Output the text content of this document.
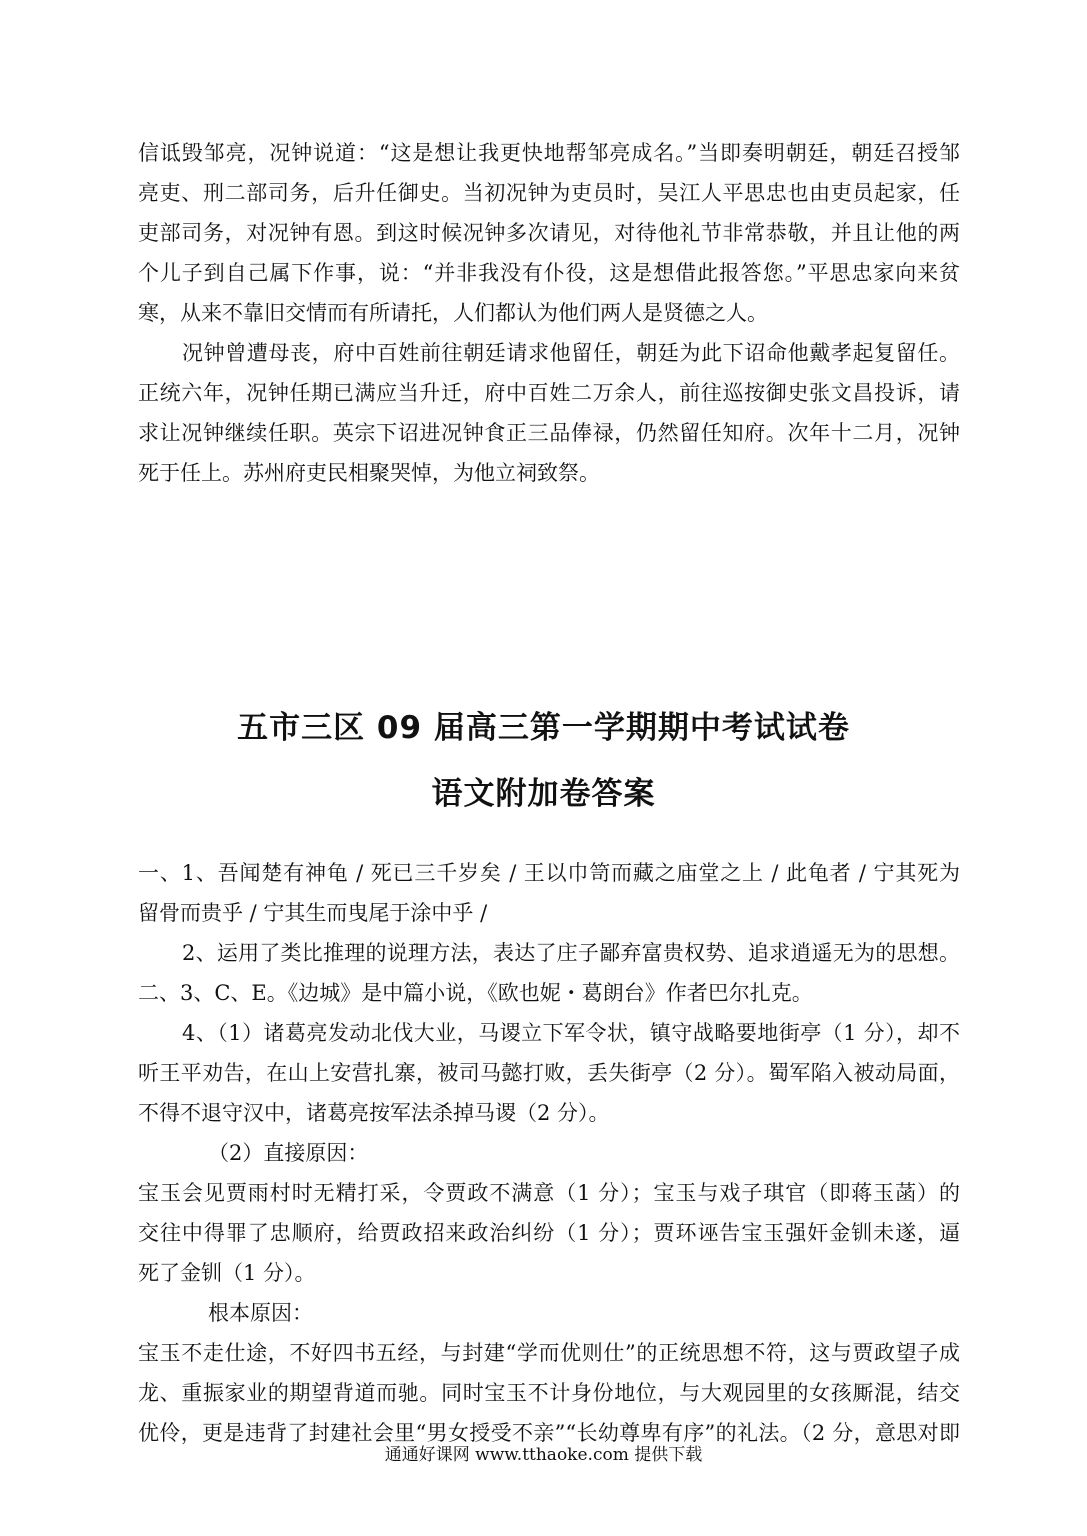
信诋毁邹亮，况钟说道：“这是想让我更快地帮邹亮成名。”当即奏明朝廷，朝廷召授邹
亮吏、刑二部司务，后升任御史。当初况钟为吏员时，吴江人平思忠也由吏员起家，任
吏部司务，对况钟有恩。到这时候况钟多次请见，对待他礼节非常恭敬，并且让他的两
个儿子到自己属下作事，说：“并非我没有仆役，这是想借此报答您。”平思忠家向来贫
寒，从来不靠旧交情而有所请托，人们都认为他们两人是贤德之人。
况钟曾遭母丧，府中百姓前往朝廷请求他留任，朝廷为此下诏命他戴孝起复留任。
正统六年，况钟任期已满应当升迁，府中百姓二万余人，前往巡按御史张文昌投诉，请
求让况钟继续任职。英宗下诏进况钟食正三品俸禄，仍然留任知府。次年十二月，况钟
死于任上。苏州府吏民相聚哭悼，为他立祠致祭。
五市三区 09 届高三第一学期期中考试试卷
语文附加卷答案
一、1、吾闻楚有神龟 / 死已三千岁矣 / 王以巾笥而藏之庙堂之上 / 此龟者 / 宁其死为
留骨而贵乎 / 宁其生而曳尾于涂中乎 /
2、运用了类比推理的说理方法，表达了庄子鄙弃富贵权势、追求逍遥无为的思想。
二、3、C、E。《边城》是中篇小说，《欧也妮・葛朗台》作者巴尔扎克。
4、（1）诸葛亮发动北伐大业，马谡立下军令状，镇守战略要地街亭（1 分），却不
听王平劝告，在山上安营扎寨，被司马懿打败，丢失街亭（2 分）。蜀军陷入被动局面，
不得不退守汉中，诸葛亮按军法杀掉马谡（2 分）。
（2）直接原因：
宝玉会见贾雨村时无精打采，令贾政不满意（1 分）；宝玉与戏子琪官（即蒋玉菡）的
交往中得罪了忠顺府，给贾政招来政治纠纷（1 分）；贾环诬告宝玉强奸金钏未遂，逼
死了金钏（1 分）。
根本原因：
宝玉不走仕途，不好四书五经，与封建“学而优则仕”的正统思想不符，这与贾政望子成
龙、重振家业的期望背道而驰。同时宝玉不计身份地位，与大观园里的女孩厮混，结交
优伶，更是违背了封建社会里“男女授受不亲”“长幼尊卑有序”的礼法。（2 分，意思对即
通通好课网 www.tthaoke.com 提供下载
